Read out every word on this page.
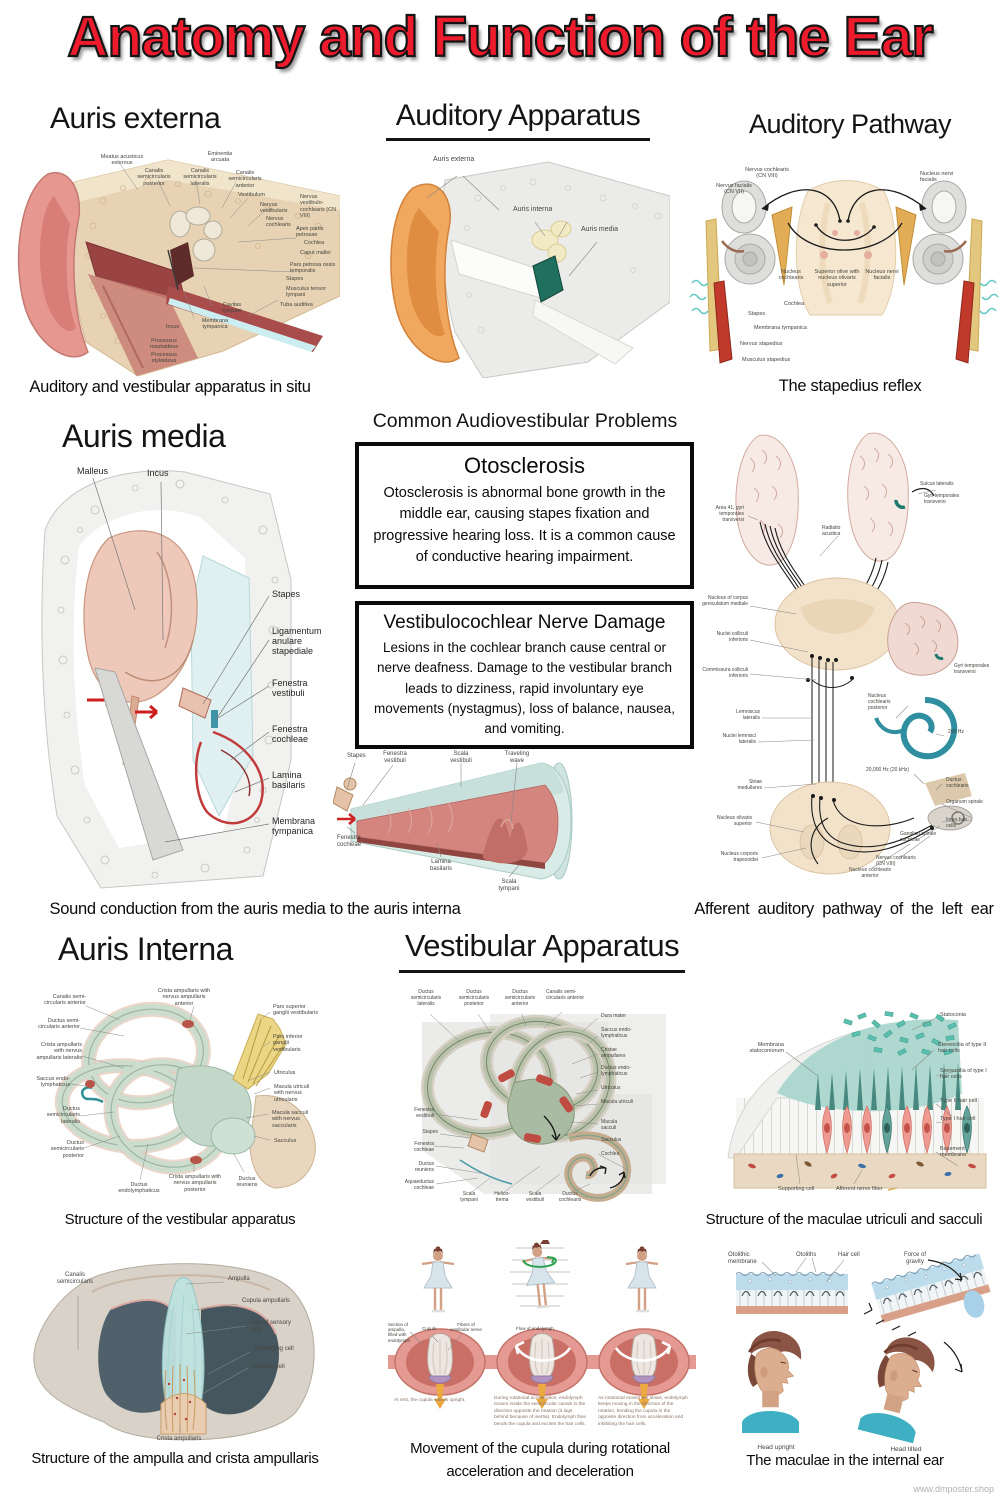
Anatomy and Function of the Ear
Auris externa	Auditory Apparatus	Auditory Pathway
Auris media	Common Audiovestibular Problems
Auris Interna	Vestibular Apparatus
Meatus acusticus externus
Canalis semicircularis posterior
Canalis semicircularis lateralis
Eminentia arcuata
Canalis semicircularis anterior
Vestibulum
Nervus vestibularis
Nervus cochlearis
Nervus vestibulo-cochlearis (CN VIII)
Apex partis petrosae
Cochlea
Caput mallei
Pars petrosa ossis temporalis
Stapes
Musculus tensor tympani
Tuba auditiva
Cavitas tympani
Membrana tympanica
Incus
Processus mastoideus
Processus styloideus
Auditory and vestibular apparatus in situ
Auris externa
Auris interna
Auris media
Nervus cochlearis (CN VIII)
Nervus facialis (CN VII)
Nucleus nervi facialis
Nucleus cochlearis
Superior olive with nucleus olivaris superior
Nucleus nervi facialis
Cochlea
Stapes
Membrana tympanica
Nervus stapedius
Musculus stapedius
The stapedius reflex
Malleus	Incus
Stapes
Ligamentum anulare stapediale
Fenestra vestibuli
Fenestra cochleae
Lamina basilaris
Membrana tympanica
Otosclerosis

Otosclerosis is abnormal bone growth in the middle ear, causing stapes fixation and progressive hearing loss. It is a common cause of conductive hearing impairment.

Vestibulocochlear Nerve Damage

Lesions in the cochlear branch cause central or nerve deafness. Damage to the vestibular branch leads to dizziness, rapid involuntary eye movements (nystagmus), loss of balance, nausea, and vomiting.

Stapes	Fenestra vestibuli
Scala vestibuli
Traveling wave
Fenestra cochleae
Lamina basilaris
Scala tympani
Sound conduction from the auris media to the auris interna
Area 41, gyri temporales transversi
Radiatio acustica
Sulcus lateralis
Gyri temporales transversi
Nucleus of corpus geniculatum mediale
Nuclei colliculi inferioris
Commissura colliculi inferioris
Lemniscus lateralis
Nuclei lemnisci lateralis
Nucleus cochlearis posterior
Striae medullares
Nucleus olivaris superior
Nucleus corporis trapezoidei
Nucleus cochlearis anterior
Ganglion spirale cochleae
Nervus cochlearis (CN VIII)
Gyri temporales transversi
200 Hz
20,000 Hz (20 kHz)
Ductus cochlearis
Organum spirale
Inner hair cells
Afferent auditory pathway of the left ear
Canalis semi-circularis anterior
Ductus semi-circularis anterior
Crista ampullaris with nervus ampullaris anterior
Pars superior ganglii vestibularis
Pars inferior ganglii vestibularis
Crista ampullaris with nervus ampullaris lateralis
Saccus endo-lymphaticus
Utriculus
Macula utriculi with nervus utricularis
Macula sacculi with nervus saccularis
Ductus semicircularis lateralis
Sacculus
Ductus semicircularis posterior
Ductus endolymphaticus
Crista ampullaris with nervus ampullaris posterior
Ductus reuniens
Structure of the vestibular apparatus
Ductus semicircularis lateralis
Ductus semicircularis posterior
Ductus semicircularis anterior
Canalis semi-circularis anterior
Dura mater
Saccus endo-lymphaticus
Cristae ampullares
Ductus endo-lymphaticus
Utriculus
Macula utriculi
Macula sacculi
Sacculus
Cochlea
Fenestra vestibuli
Stapes
Fenestra cochleae
Ductus reuniens
Aquaeductus cochleae
Scala tympani
Helico-trema
Scala vestibuli
Ductus cochlearis
Statoconia
Membrana statoconiorum
Stereocilia of type II hair cells
Stereocilia of type I hair cells
Type II hair cell
Type I hair cell
Basement membrane
Supporting cell	Afferent nerve fiber
Structure of the maculae utriculi and sacculi
Canalis semicircularis	Ampulla
Cupula ampullaris
Cilia of sensory cells
Supporting cell
Sensory cell
Crista ampullaris
Structure of the ampulla and crista ampullaris
Section of ampulla, filled with endolymph
Cupula
Fibers of vestibular nerve	Flow of endolymph
At rest, the cupula stands upright.	During rotational acceleration, endolymph moves inside the semicircular canals in the direction opposite the rotation (it lags behind because of inertia). Endolymph flow bends the cupula and excites the hair cells.
As rotational movement slows, endolymph keeps moving in the direction of the rotation, bending the cupula in the opposite direction from acceleration and inhibiting the hair cells.
Movement of the cupula during rotational acceleration and deceleration
Otolithic membrane
Otoliths	Hair cell	Force of gravity
Head upright	Head tilted
The maculae in the internal ear
www.dmposter.shop
